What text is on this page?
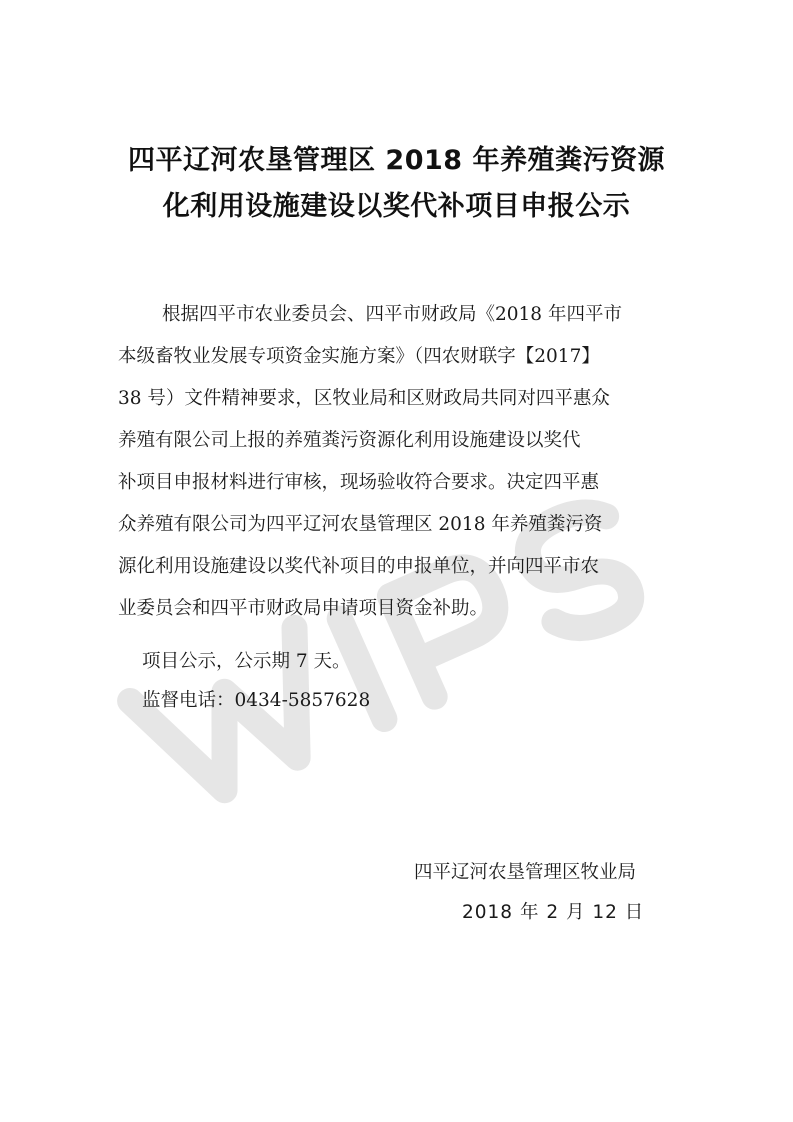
四平辽河农垦管理区 2018 年养殖粪污资源
化利用设施建设以奖代补项目申报公示
根据四平市农业委员会、四平市财政局《2018 年四平市
本级畜牧业发展专项资金实施方案》（四农财联字【2017】
38 号）文件精神要求，区牧业局和区财政局共同对四平惠众
养殖有限公司上报的养殖粪污资源化利用设施建设以奖代
补项目申报材料进行审核，现场验收符合要求。决定四平惠
众养殖有限公司为四平辽河农垦管理区 2018 年养殖粪污资
源化利用设施建设以奖代补项目的申报单位，并向四平市农
业委员会和四平市财政局申请项目资金补助。
项目公示，公示期 7 天。
监督电话：0434-5857628
四平辽河农垦管理区牧业局
2018 年 2 月 12 日
